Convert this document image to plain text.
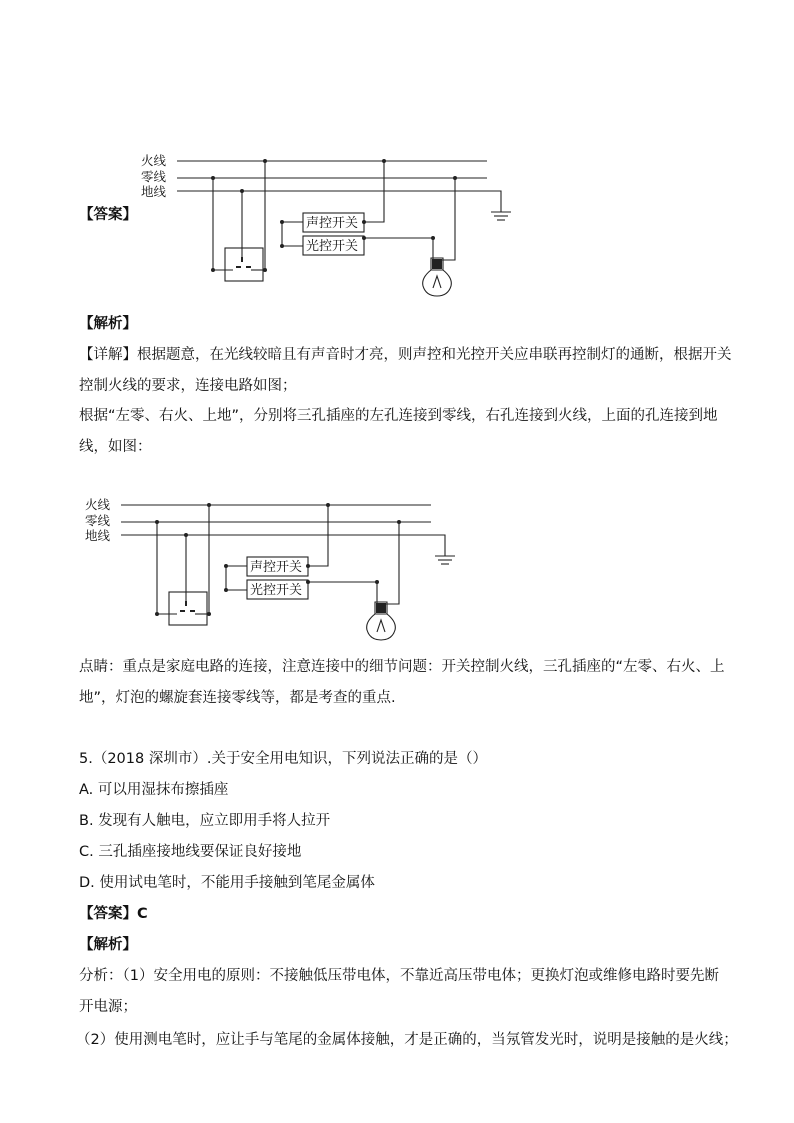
火线
零线
地线
声控开关
光控开关
【答案】
【解析】
【详解】根据题意，在光线较暗且有声音时才亮，则声控和光控开关应串联再控制灯的通断，根据开关
控制火线的要求，连接电路如图；
根据“左零、右火、上地”，分别将三孔插座的左孔连接到零线，右孔连接到火线，上面的孔连接到地
线，如图：
火线
零线
地线
声控开关
光控开关
点睛：重点是家庭电路的连接，注意连接中的细节问题：开关控制火线，三孔插座的“左零、右火、上
地”，灯泡的螺旋套连接零线等，都是考查的重点.
5.（2018 深圳市）.关于安全用电知识，下列说法正确的是（）
A. 可以用湿抹布擦插座
B. 发现有人触电，应立即用手将人拉开
C. 三孔插座接地线要保证良好接地
D. 使用试电笔时，不能用手接触到笔尾金属体
【答案】C
【解析】
分析：（1）安全用电的原则：不接触低压带电体，不靠近高压带电体；更换灯泡或维修电路时要先断
开电源；
（2）使用测电笔时，应让手与笔尾的金属体接触，才是正确的，当氖管发光时，说明是接触的是火线；
